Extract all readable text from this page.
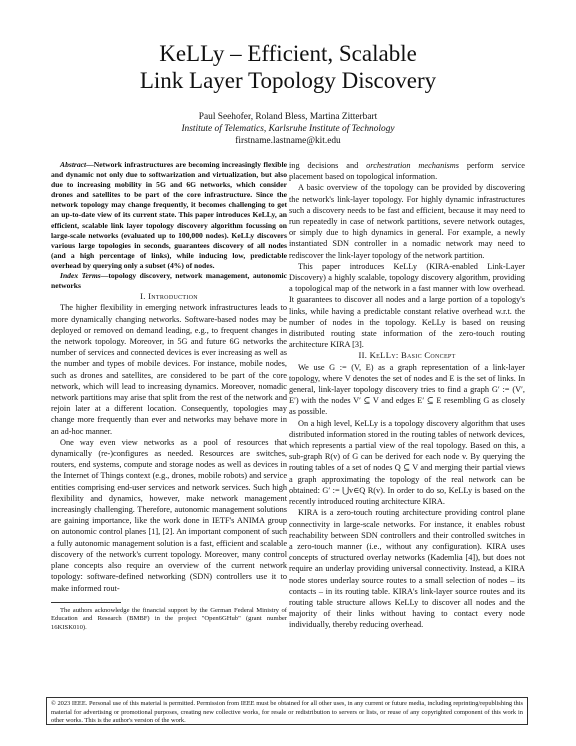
KeLLy – Efficient, Scalable
Link Layer Topology Discovery
Paul Seehofer, Roland Bless, Martina Zitterbart
Institute of Telematics, Karlsruhe Institute of Technology
firstname.lastname@kit.edu

Abstract—Network infrastructures are becoming increasingly flexible and dynamic not only due to softwarization and virtualization, but also due to increasing mobility in 5G and 6G networks, which consider drones and satellites to be part of the core infrastructure. Since the network topology may change frequently, it becomes challenging to get an up-to-date view of its current state. This paper introduces KeLLy, an efficient, scalable link layer topology discovery algorithm focussing on large-scale networks (evaluated up to 100,000 nodes). KeLLy discovers various large topologies in seconds, guarantees discovery of all nodes (and a high percentage of links), while inducing low, predictable overhead by querying only a subset (4%) of nodes.

Index Terms—topology discovery, network management, autonomic networks

I. Introduction

The higher flexibility in emerging network infrastructures leads to more dynamically changing networks. Software-based nodes may be deployed or removed on demand leading, e.g., to frequent changes in the network topology. Moreover, in 5G and future 6G networks the number of services and connected devices is ever increasing as well as the number and types of mobile devices. For instance, mobile nodes, such as drones and satellites, are considered to be part of the core network, which will lead to increasing dynamics. Moreover, nomadic network partitions may arise that split from the rest of the network and rejoin later at a different location. Consequently, topologies may change more frequently than ever and networks may behave more in an ad-hoc manner.

One way even view networks as a pool of resources that dynamically (re-)configures as needed. Resources are switches, routers, end systems, compute and storage nodes as well as devices in the Internet of Things context (e.g., drones, mobile robots) and service entities comprising end-user services and network services. Such high flexibility and dynamics, however, make network management increasingly challenging. Therefore, autonomic management solutions are gaining importance, like the work done in IETF's ANIMA group on autonomic control planes [1], [2]. An important component of such a fully autonomic management solution is a fast, efficient and scalable discovery of the network's current topology. Moreover, many control plane concepts also require an overview of the current network topology: software-defined networking (SDN) controllers use it to make informed rout-

The authors acknowledge the financial support by the German Federal Ministry of Education and Research (BMBF) in the project "Open6GHub" (grant number 16KISK010).

ing decisions and orchestration mechanisms perform service placement based on topological information.

A basic overview of the topology can be provided by discovering the network's link-layer topology. For highly dynamic infrastructures such a discovery needs to be fast and efficient, because it may need to run repeatedly in case of network partitions, severe network outages, or simply due to high dynamics in general. For example, a newly instantiated SDN controller in a nomadic network may need to rediscover the link-layer topology of the network partition.

This paper introduces KeLLy (KIRA-enabled Link-Layer Discovery) a highly scalable, topology discovery algorithm, providing a topological map of the network in a fast manner with low overhead. It guarantees to discover all nodes and a large portion of a topology's links, while having a predictable constant relative overhead w.r.t. the number of nodes in the topology. KeLLy is based on reusing distributed routing state information of the zero-touch routing architecture KIRA [3].

II. KeLLy: Basic Concept

We use G := (V, E) as a graph representation of a link-layer topology, where V denotes the set of nodes and E is the set of links. In general, link-layer topology discovery tries to find a graph G′ := (V′, E′) with the nodes V′ ⊆ V and edges E′ ⊆ E resembling G as closely as possible.

On a high level, KeLLy is a topology discovery algorithm that uses distributed information stored in the routing tables of network devices, which represents a partial view of the real topology. Based on this, a sub-graph R(v) of G can be derived for each node v. By querying the routing tables of a set of nodes Q ⊆ V and merging their partial views a graph approximating the topology of the real network can be obtained: G′ := ⋃v∈Q R(v). In order to do so, KeLLy is based on the recently introduced routing architecture KIRA.

KIRA is a zero-touch routing architecture providing control plane connectivity in large-scale networks. For instance, it enables robust reachability between SDN controllers and their controlled switches in a zero-touch manner (i.e., without any configuration). KIRA uses concepts of structured overlay networks (Kademlia [4]), but does not require an underlay providing universal connectivity. Instead, a KIRA node stores underlay source routes to a small selection of nodes – its contacts – in its routing table. KIRA's link-layer source routes and its routing table structure allows KeLLy to discover all nodes and the majority of their links without having to contact every node individually, thereby reducing overhead.

© 2023 IEEE. Personal use of this material is permitted. Permission from IEEE must be obtained for all other uses, in any current or future media, including reprinting/republishing this material for advertising or promotional purposes, creating new collective works, for resale or redistribution to servers or lists, or reuse of any copyrighted component of this work in other works. This is the author's version of the work.
